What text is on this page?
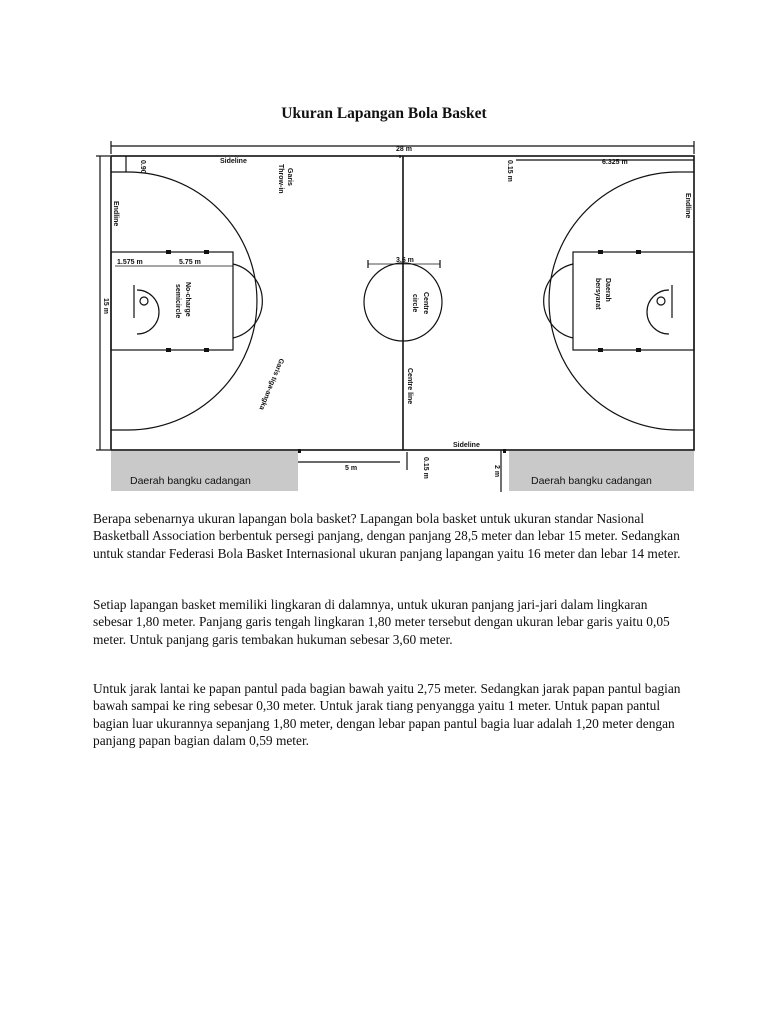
Ukuran Lapangan Bola Basket
28 m
15 m
Sideline
Garis
Throw-in
Endline	Endline
0.90	0.15 m	6.325 m
1.575 m	5.75 m
No-charge
semicircle
Garis tiga-angka
3.6 m
Centre
circle
Centre line
Daerah
bersyarat
Sideline
5 m	0.15 m	2 m
Daerah bangku cadangan	Daerah bangku cadangan
Berapa sebenarnya ukuran lapangan bola basket? Lapangan bola basket untuk ukuran standar Nasional Basketball Association berbentuk persegi panjang, dengan panjang 28,5 meter dan lebar 15 meter. Sedangkan untuk standar Federasi Bola Basket Internasional ukuran panjang lapangan yaitu 16 meter dan lebar 14 meter.
Setiap lapangan basket memiliki lingkaran di dalamnya, untuk ukuran panjang jari-jari dalam lingkaran sebesar 1,80 meter. Panjang garis tengah lingkaran 1,80 meter tersebut dengan ukuran lebar garis yaitu 0,05 meter. Untuk panjang garis tembakan hukuman sebesar 3,60 meter.
Untuk jarak lantai ke papan pantul pada bagian bawah yaitu 2,75 meter. Sedangkan jarak papan pantul bagian bawah sampai ke ring sebesar 0,30 meter. Untuk jarak tiang penyangga yaitu 1 meter. Untuk papan pantul bagian luar ukurannya sepanjang 1,80 meter, dengan lebar papan pantul bagia luar adalah 1,20 meter dengan panjang papan bagian dalam 0,59 meter.
